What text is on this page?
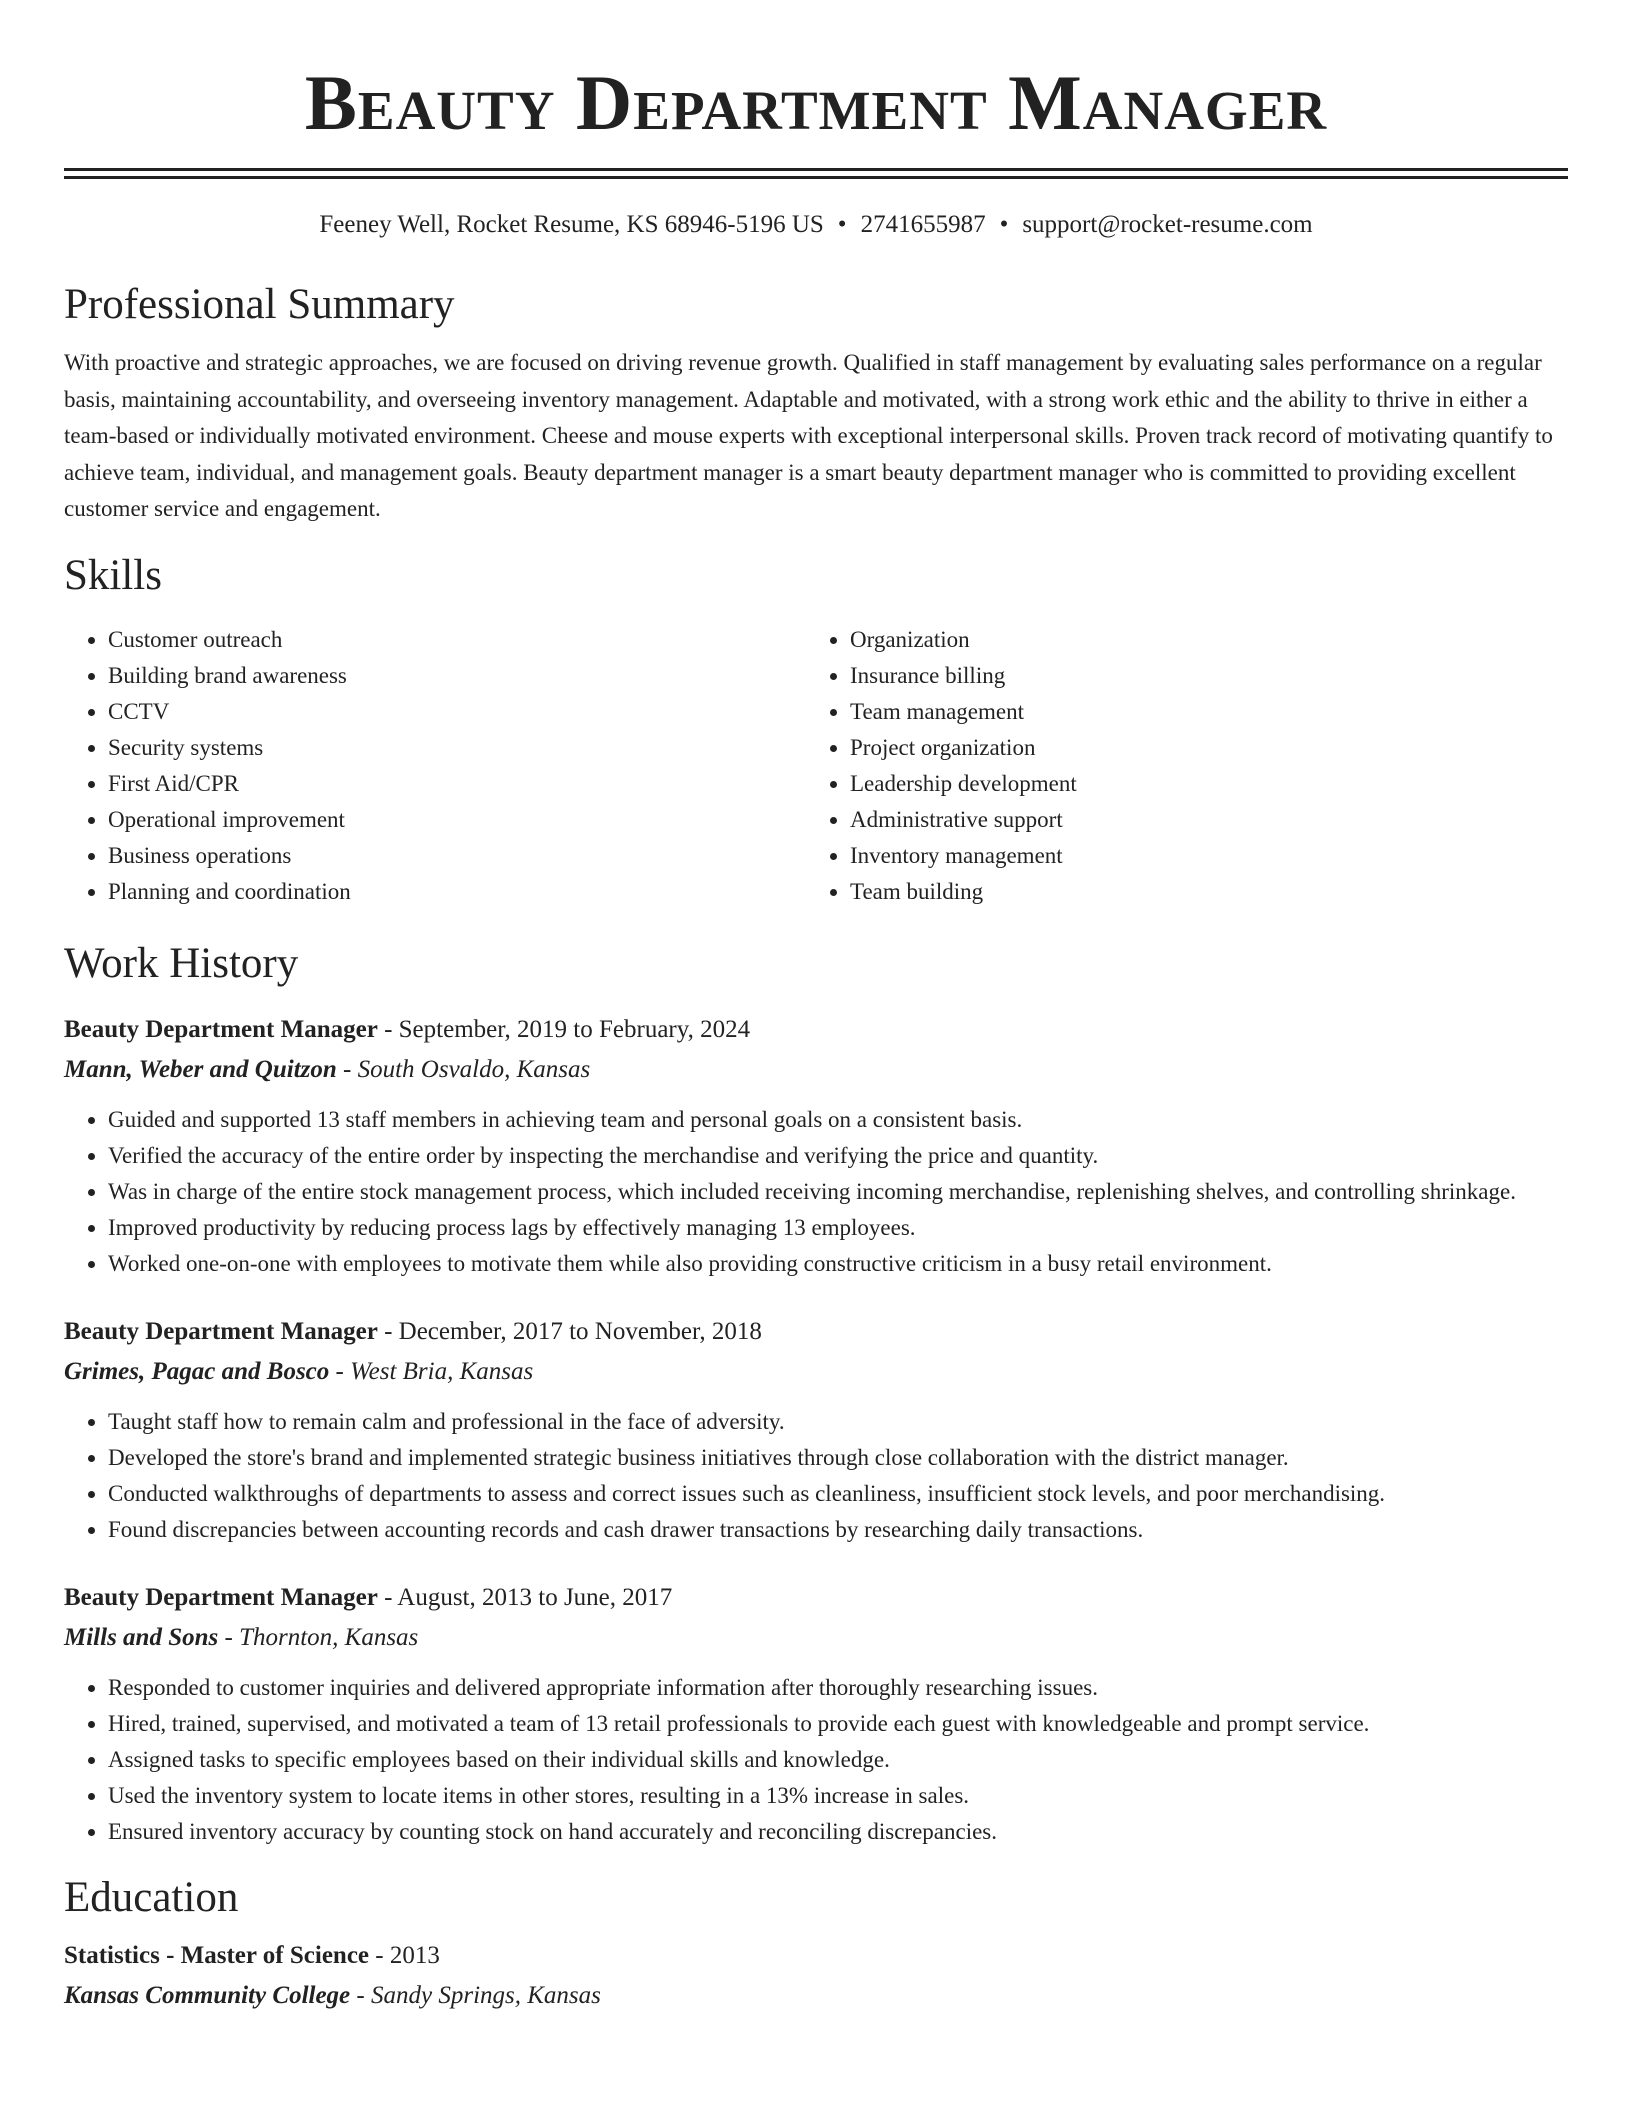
Beauty Department Manager
Feeney Well, Rocket Resume, KS 68946-5196 US • 2741655987 • support@rocket-resume.com
Professional Summary

With proactive and strategic approaches, we are focused on driving revenue growth. Qualified in staff management by evaluating sales performance on a regular basis, maintaining accountability, and overseeing inventory management. Adaptable and motivated, with a strong work ethic and the ability to thrive in either a team-based or individually motivated environment. Cheese and mouse experts with exceptional interpersonal skills. Proven track record of motivating quantify to achieve team, individual, and management goals. Beauty department manager is a smart beauty department manager who is committed to providing excellent customer service and engagement.

Skills
• Customer outreach
• Building brand awareness
• CCTV
• Security systems
• First Aid/CPR
• Operational improvement
• Business operations
• Planning and coordination
• Organization
• Insurance billing
• Team management
• Project organization
• Leadership development
• Administrative support
• Inventory management
• Team building
Work History
Beauty Department Manager - September, 2019 to February, 2024
Mann, Weber and Quitzon - South Osvaldo, Kansas
• Guided and supported 13 staff members in achieving team and personal goals on a consistent basis.
• Verified the accuracy of the entire order by inspecting the merchandise and verifying the price and quantity.
• Was in charge of the entire stock management process, which included receiving incoming merchandise, replenishing shelves, and controlling shrinkage.
• Improved productivity by reducing process lags by effectively managing 13 employees.
• Worked one-on-one with employees to motivate them while also providing constructive criticism in a busy retail environment.
Beauty Department Manager - December, 2017 to November, 2018
Grimes, Pagac and Bosco - West Bria, Kansas
• Taught staff how to remain calm and professional in the face of adversity.
• Developed the store's brand and implemented strategic business initiatives through close collaboration with the district manager.
• Conducted walkthroughs of departments to assess and correct issues such as cleanliness, insufficient stock levels, and poor merchandising.
• Found discrepancies between accounting records and cash drawer transactions by researching daily transactions.
Beauty Department Manager - August, 2013 to June, 2017
Mills and Sons - Thornton, Kansas
• Responded to customer inquiries and delivered appropriate information after thoroughly researching issues.
• Hired, trained, supervised, and motivated a team of 13 retail professionals to provide each guest with knowledgeable and prompt service.
• Assigned tasks to specific employees based on their individual skills and knowledge.
• Used the inventory system to locate items in other stores, resulting in a 13% increase in sales.
• Ensured inventory accuracy by counting stock on hand accurately and reconciling discrepancies.
Education
Statistics - Master of Science - 2013
Kansas Community College - Sandy Springs, Kansas
